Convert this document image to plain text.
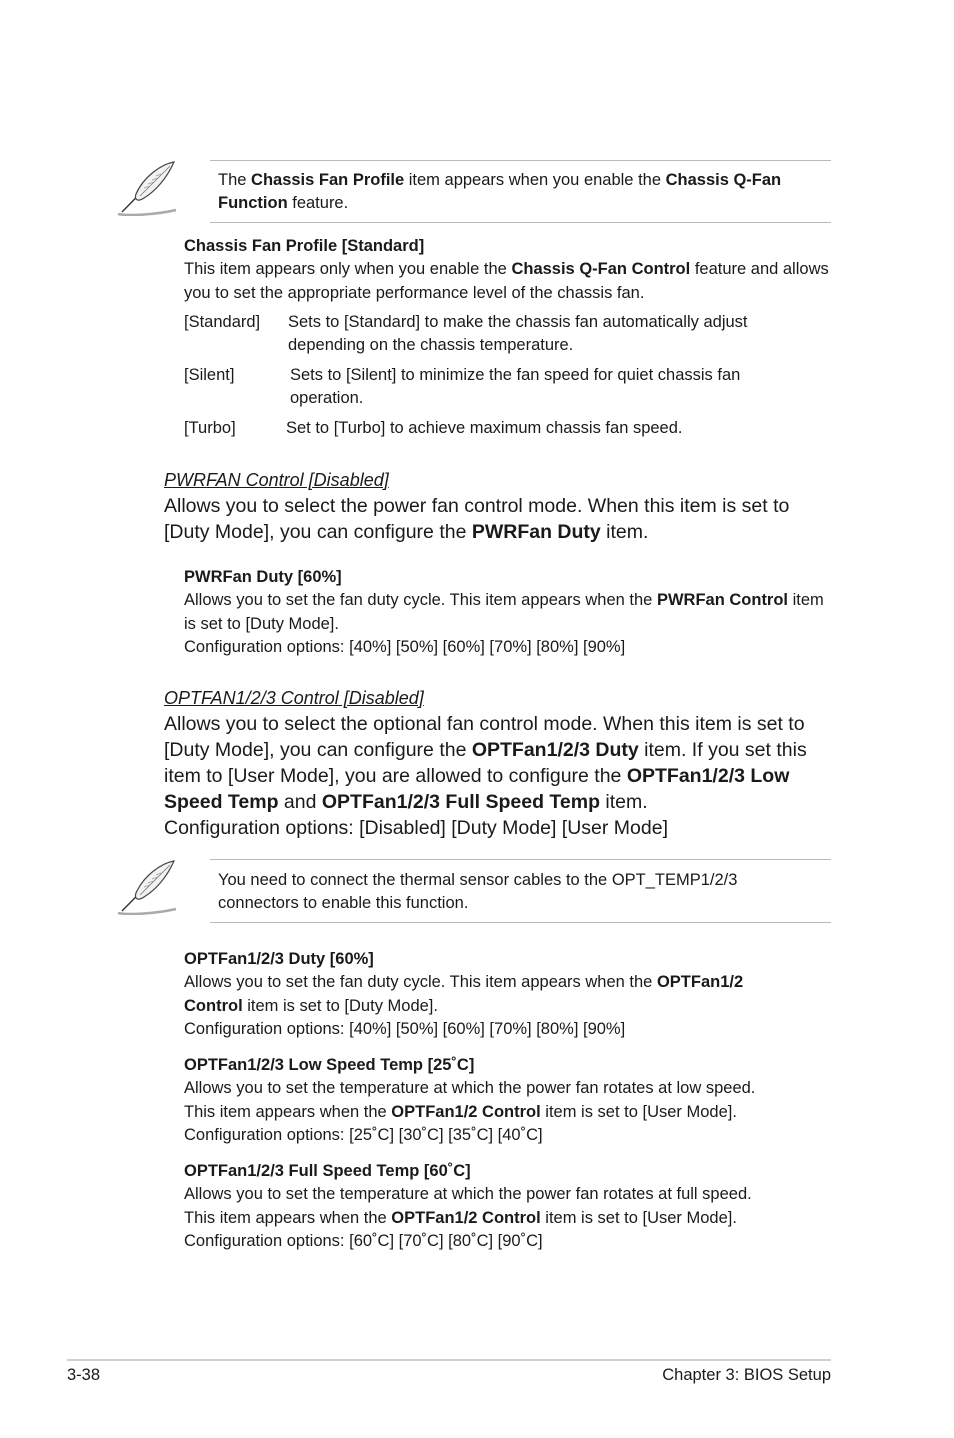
The Chassis Fan Profile item appears when you enable the Chassis Q-Fan Function feature.
Chassis Fan Profile [Standard]
This item appears only when you enable the Chassis Q-Fan Control feature and allows you to set the appropriate performance level of the chassis fan.
[Standard] Sets to [Standard] to make the chassis fan automatically adjust depending on the chassis temperature.
[Silent]	Sets to [Silent] to minimize the fan speed for quiet chassis fan operation.
[Turbo]	Set to [Turbo] to achieve maximum chassis fan speed.
PWRFAN Control [Disabled]
Allows you to select the power fan control mode. When this item is set to [Duty Mode], you can configure the PWRFan Duty item.
PWRFan Duty [60%]
Allows you to set the fan duty cycle. This item appears when the PWRFan Control item is set to [Duty Mode].
Configuration options: [40%] [50%] [60%] [70%] [80%] [90%]
OPTFAN1/2/3 Control [Disabled]
Allows you to select the optional fan control mode. When this item is set to [Duty Mode], you can configure the OPTFan1/2/3 Duty item. If you set this item to [User Mode], you are allowed to configure the OPTFan1/2/3 Low Speed Temp and OPTFan1/2/3 Full Speed Temp item.
Configuration options: [Disabled] [Duty Mode] [User Mode]
You need to connect the thermal sensor cables to the OPT_TEMP1/2/3 connectors to enable this function.
OPTFan1/2/3 Duty [60%]
Allows you to set the fan duty cycle. This item appears when the OPTFan1/2 Control item is set to [Duty Mode].
Configuration options: [40%] [50%] [60%] [70%] [80%] [90%]
OPTFan1/2/3 Low Speed Temp [25˚C]
Allows you to set the temperature at which the power fan rotates at low speed.
This item appears when the OPTFan1/2 Control item is set to [User Mode].
Configuration options: [25˚C] [30˚C] [35˚C] [40˚C]
OPTFan1/2/3 Full Speed Temp [60˚C]
Allows you to set the temperature at which the power fan rotates at full speed.
This item appears when the OPTFan1/2 Control item is set to [User Mode].
Configuration options: [60˚C] [70˚C] [80˚C] [90˚C]
3-38	Chapter 3: BIOS Setup
